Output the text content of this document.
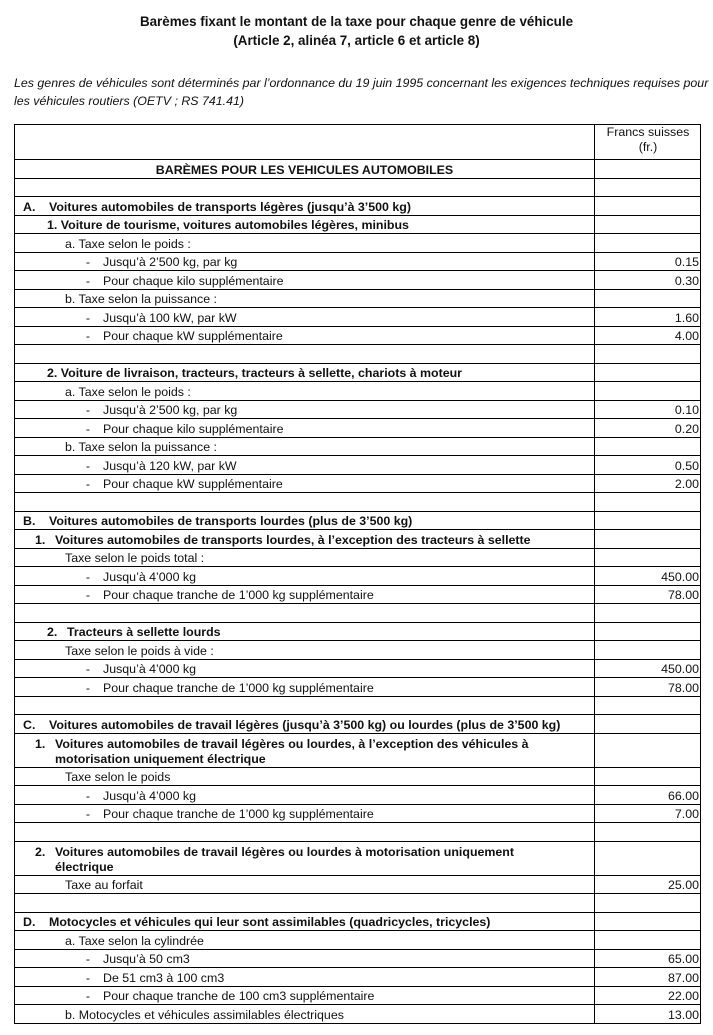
Barèmes fixant le montant de la taxe pour chaque genre de véhicule
(Article 2, alinéa 7, article 6 et article 8)
Les genres de véhicules sont déterminés par l’ordonnance du 19 juin 1995 concernant les exigences techniques requises pour les véhicules routiers (OETV ; RS 741.41)
	Francs suisses (fr.)
BARÈMES POUR LES VEHICULES AUTOMOBILES	

A. Voitures automobiles de transports légères (jusqu’à 3’500 kg)	
1. Voiture de tourisme, voitures automobiles légères, minibus	
a. Taxe selon le poids :	
- Jusqu’à 2’500 kg, par kg	0.15
- Pour chaque kilo supplémentaire	0.30
b. Taxe selon la puissance :	
- Jusqu’à 100 kW, par kW	1.60
- Pour chaque kW supplémentaire	4.00

2. Voiture de livraison, tracteurs, tracteurs à sellette, chariots à moteur	
a. Taxe selon le poids :	
- Jusqu’à 2’500 kg, par kg	0.10
- Pour chaque kilo supplémentaire	0.20
b. Taxe selon la puissance :	
- Jusqu’à 120 kW, par kW	0.50
- Pour chaque kW supplémentaire	2.00

B. Voitures automobiles de transports lourdes (plus de 3’500 kg)	
1. Voitures automobiles de transports lourdes, à l’exception des tracteurs à sellette	
Taxe selon le poids total :	
- Jusqu’à 4’000 kg	450.00
- Pour chaque tranche de 1’000 kg supplémentaire	78.00

2. Tracteurs à sellette lourds	
Taxe selon le poids à vide :	
- Jusqu’à 4’000 kg	450.00
- Pour chaque tranche de 1’000 kg supplémentaire	78.00

C. Voitures automobiles de travail légères (jusqu’à 3’500 kg) ou lourdes (plus de 3’500 kg)	
1. Voitures automobiles de travail légères ou lourdes, à l’exception des véhicules à motorisation uniquement électrique	
Taxe selon le poids	
- Jusqu’à 4’000 kg	66.00
- Pour chaque tranche de 1’000 kg supplémentaire	7.00

2. Voitures automobiles de travail légères ou lourdes à motorisation uniquement électrique	
Taxe au forfait	25.00

D. Motocycles et véhicules qui leur sont assimilables (quadricycles, tricycles)	
a. Taxe selon la cylindrée	
- Jusqu’à 50 cm3	65.00
- De 51 cm3 à 100 cm3	87.00
- Pour chaque tranche de 100 cm3 supplémentaire	22.00
b. Motocycles et véhicules assimilables électriques	13.00
